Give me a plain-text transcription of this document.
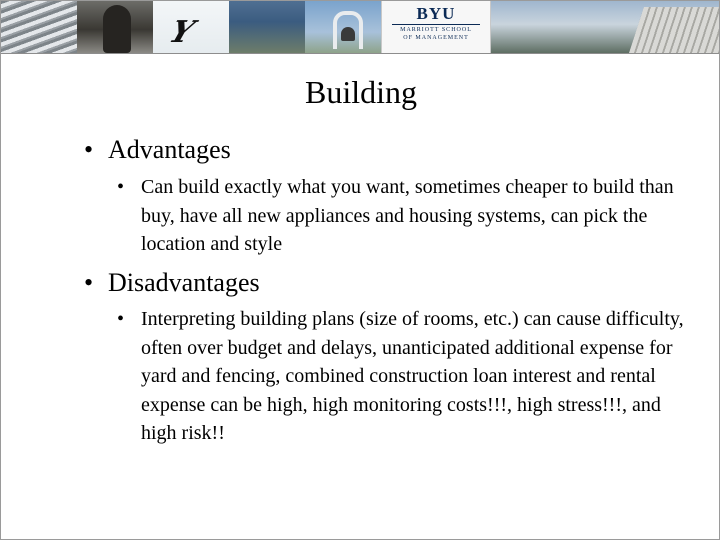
Y
BYU
MARRIOTT SCHOOL
OF MANAGEMENT
Building
• Advantages
• Can build exactly what you want, sometimes cheaper to build than buy, have all new appliances and housing systems, can pick the location and style
• Disadvantages
• Interpreting building plans (size of rooms, etc.) can cause difficulty, often over budget and delays, unanticipated additional expense for yard and fencing, combined construction loan interest and rental expense can be high, high monitoring costs!!!, high stress!!!, and high risk!!
